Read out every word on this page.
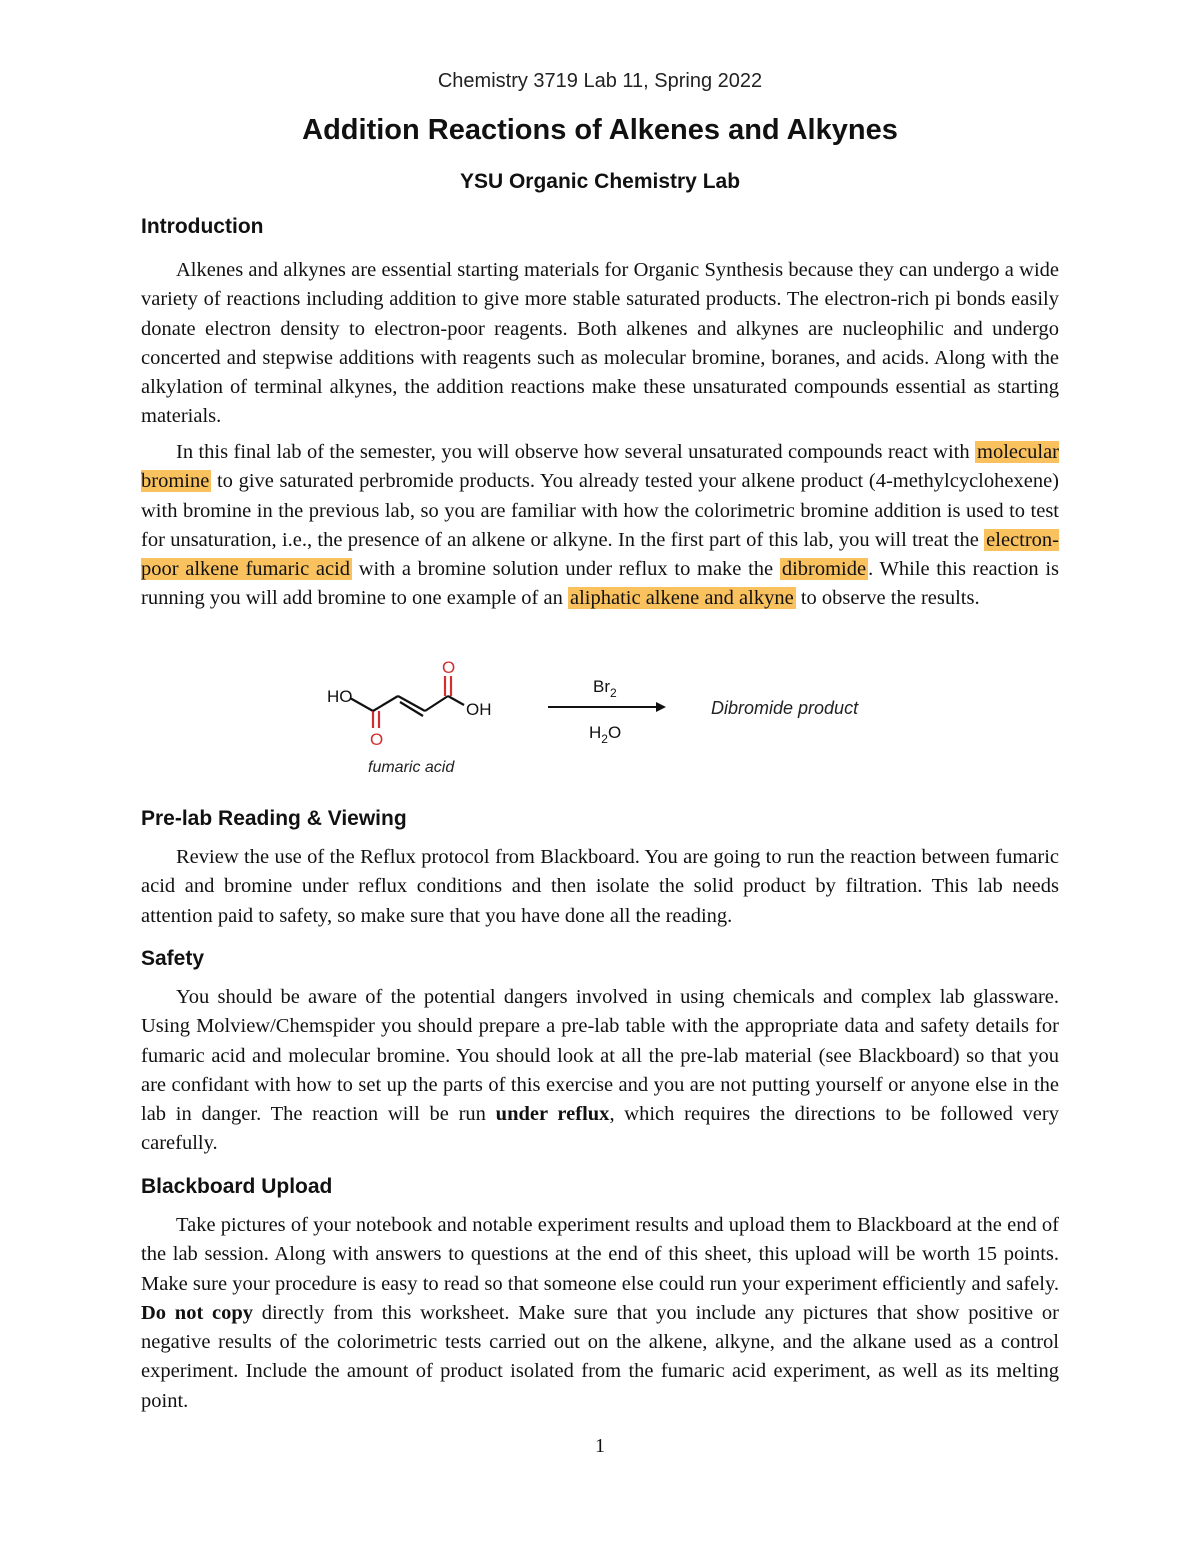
Chemistry 3719 Lab 11, Spring 2022
Addition Reactions of Alkenes and Alkynes
YSU Organic Chemistry Lab
Introduction

Alkenes and alkynes are essential starting materials for Organic Synthesis because they can undergo a wide variety of reactions including addition to give more stable saturated products. The electron-rich pi bonds easily donate electron density to electron-poor reagents. Both alkenes and alkynes are nucleophilic and undergo concerted and stepwise additions with reagents such as molecular bromine, boranes, and acids. Along with the alkylation of terminal alkynes, the addition reactions make these unsaturated compounds essential as starting materials.

In this final lab of the semester, you will observe how several unsaturated compounds react with molecular bromine to give saturated perbromide products. You already tested your alkene product (4-methylcyclohexene) with bromine in the previous lab, so you are familiar with how the colorimetric bromine addition is used to test for unsaturation, i.e., the presence of an alkene or alkyne. In the first part of this lab, you will treat the electron-poor alkene fumaric acid with a bromine solution under reflux to make the dibromide. While this reaction is running you will add bromine to one example of an aliphatic alkene and alkyne to observe the results.

HO
OH
O
O
fumaric acid
$Br_2$
$H_2O$
Dibromide product
Pre-lab Reading & Viewing

Review the use of the Reflux protocol from Blackboard. You are going to run the reaction between fumaric acid and bromine under reflux conditions and then isolate the solid product by filtration. This lab needs attention paid to safety, so make sure that you have done all the reading.

Safety

You should be aware of the potential dangers involved in using chemicals and complex lab glassware. Using Molview/Chemspider you should prepare a pre-lab table with the appropriate data and safety details for fumaric acid and molecular bromine. You should look at all the pre-lab material (see Blackboard) so that you are confidant with how to set up the parts of this exercise and you are not putting yourself or anyone else in the lab in danger. The reaction will be run under reflux, which requires the directions to be followed very carefully.

Blackboard Upload

Take pictures of your notebook and notable experiment results and upload them to Blackboard at the end of the lab session. Along with answers to questions at the end of this sheet, this upload will be worth 15 points. Make sure your procedure is easy to read so that someone else could run your experiment efficiently and safely. Do not copy directly from this worksheet. Make sure that you include any pictures that show positive or negative results of the colorimetric tests carried out on the alkene, alkyne, and the alkane used as a control experiment. Include the amount of product isolated from the fumaric acid experiment, as well as its melting point.

1
